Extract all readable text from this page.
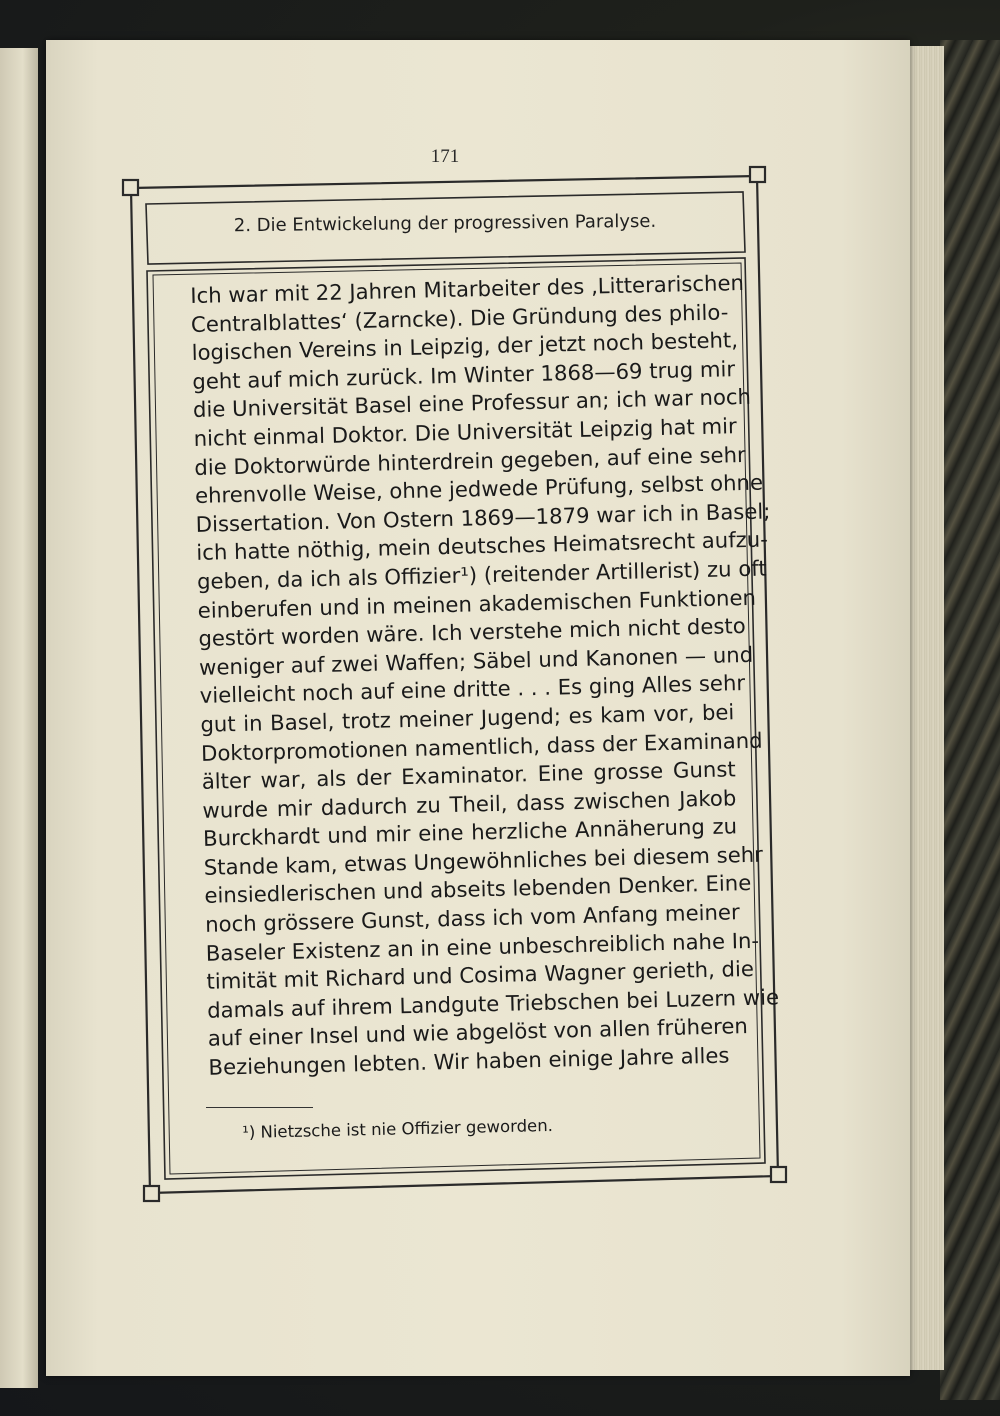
171
2. Die Entwickelung der progressiven Paralyse.
Ich war mit 22 Jahren Mitarbeiter des ‚Litterarischen
Centralblattes‘ (Zarncke). Die Gründung des philo-
logischen Vereins in Leipzig, der jetzt noch besteht,
geht auf mich zurück. Im Winter 1868—69 trug mir
die Universität Basel eine Professur an; ich war noch
nicht einmal Doktor. Die Universität Leipzig hat mir
die Doktorwürde hinterdrein gegeben, auf eine sehr
ehrenvolle Weise, ohne jedwede Prüfung, selbst ohne
Dissertation. Von Ostern 1869—1879 war ich in Basel;
ich hatte nöthig, mein deutsches Heimatsrecht aufzu-
geben, da ich als Offizier¹) (reitender Artillerist) zu oft
einberufen und in meinen akademischen Funktionen
gestört worden wäre. Ich verstehe mich nicht desto
weniger auf zwei Waffen; Säbel und Kanonen — und
vielleicht noch auf eine dritte . . . Es ging Alles sehr
gut in Basel, trotz meiner Jugend; es kam vor, bei
Doktorpromotionen namentlich, dass der Examinand
älter war, als der Examinator. Eine grosse Gunst
wurde mir dadurch zu Theil, dass zwischen Jakob
Burckhardt und mir eine herzliche Annäherung zu
Stande kam, etwas Ungewöhnliches bei diesem sehr
einsiedlerischen und abseits lebenden Denker. Eine
noch grössere Gunst, dass ich vom Anfang meiner
Baseler Existenz an in eine unbeschreiblich nahe In-
timität mit Richard und Cosima Wagner gerieth, die
damals auf ihrem Landgute Triebschen bei Luzern wie
auf einer Insel und wie abgelöst von allen früheren
Beziehungen lebten. Wir haben einige Jahre alles
¹) Nietzsche ist nie Offizier geworden.
